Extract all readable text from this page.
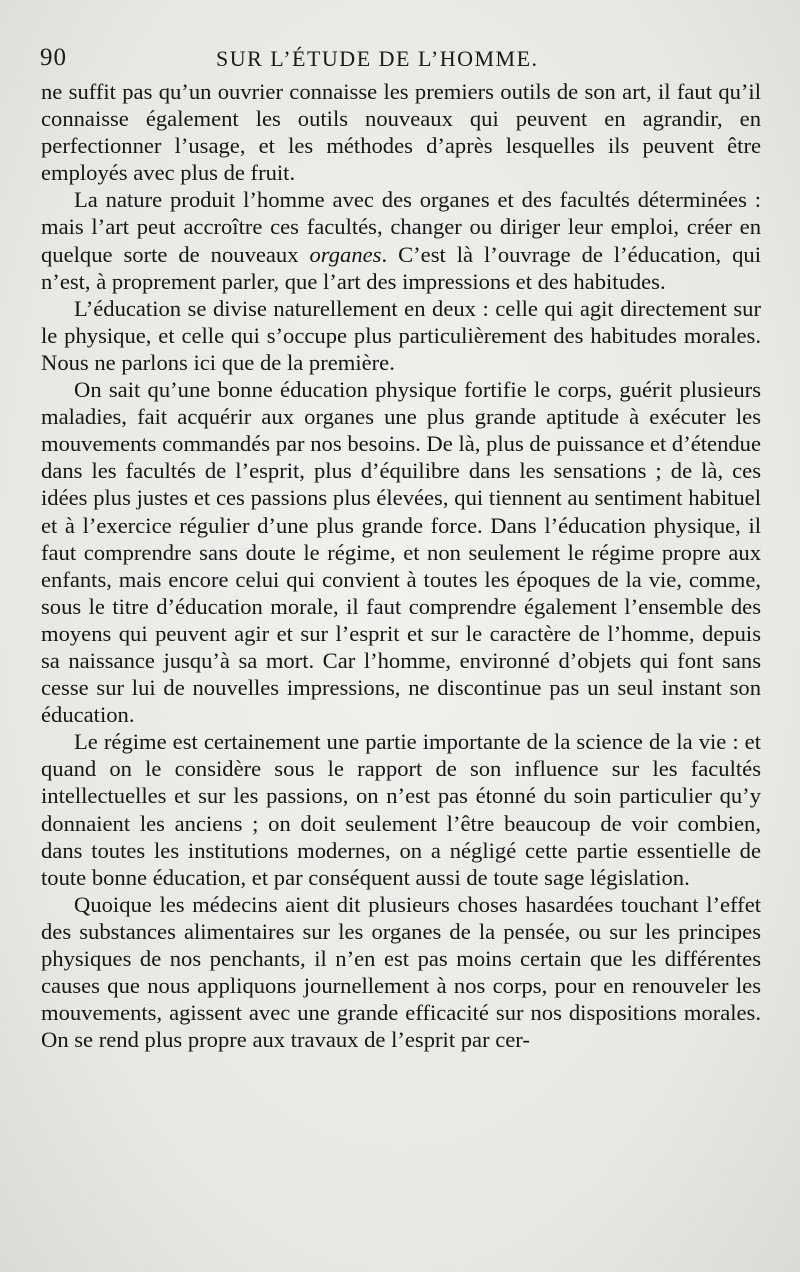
90	SUR L’ÉTUDE DE L’HOMME.

ne suffit pas qu’un ouvrier connaisse les premiers outils de son art, il faut qu’il connaisse également les outils nouveaux qui peuvent en agrandir, en perfectionner l’usage, et les méthodes d’après lesquelles ils peuvent être employés avec plus de fruit.

La nature produit l’homme avec des organes et des facultés déterminées : mais l’art peut accroître ces facultés, changer ou diriger leur emploi, créer en quelque sorte de nouveaux organes. C’est là l’ouvrage de l’éducation, qui n’est, à proprement parler, que l’art des impressions et des habitudes.

L’éducation se divise naturellement en deux : celle qui agit directement sur le physique, et celle qui s’occupe plus particulièrement des habitudes morales. Nous ne parlons ici que de la première.

On sait qu’une bonne éducation physique fortifie le corps, guérit plusieurs maladies, fait acquérir aux organes une plus grande aptitude à exécuter les mouvements commandés par nos besoins. De là, plus de puissance et d’étendue dans les facultés de l’esprit, plus d’équilibre dans les sensations ; de là, ces idées plus justes et ces passions plus élevées, qui tiennent au sentiment habituel et à l’exercice régulier d’une plus grande force. Dans l’éducation physique, il faut comprendre sans doute le régime, et non seulement le régime propre aux enfants, mais encore celui qui convient à toutes les époques de la vie, comme, sous le titre d’éducation morale, il faut comprendre également l’ensemble des moyens qui peuvent agir et sur l’esprit et sur le caractère de l’homme, depuis sa naissance jusqu’à sa mort. Car l’homme, environné d’objets qui font sans cesse sur lui de nouvelles impressions, ne discontinue pas un seul instant son éducation.

Le régime est certainement une partie importante de la science de la vie : et quand on le considère sous le rapport de son influence sur les facultés intellectuelles et sur les passions, on n’est pas étonné du soin particulier qu’y donnaient les anciens ; on doit seulement l’être beaucoup de voir combien, dans toutes les institutions modernes, on a négligé cette partie essentielle de toute bonne éducation, et par conséquent aussi de toute sage législation.

Quoique les médecins aient dit plusieurs choses hasardées touchant l’effet des substances alimentaires sur les organes de la pensée, ou sur les principes physiques de nos penchants, il n’en est pas moins certain que les différentes causes que nous appliquons journellement à nos corps, pour en renouveler les mouvements, agissent avec une grande efficacité sur nos dispositions morales. On se rend plus propre aux travaux de l’esprit par cer-
